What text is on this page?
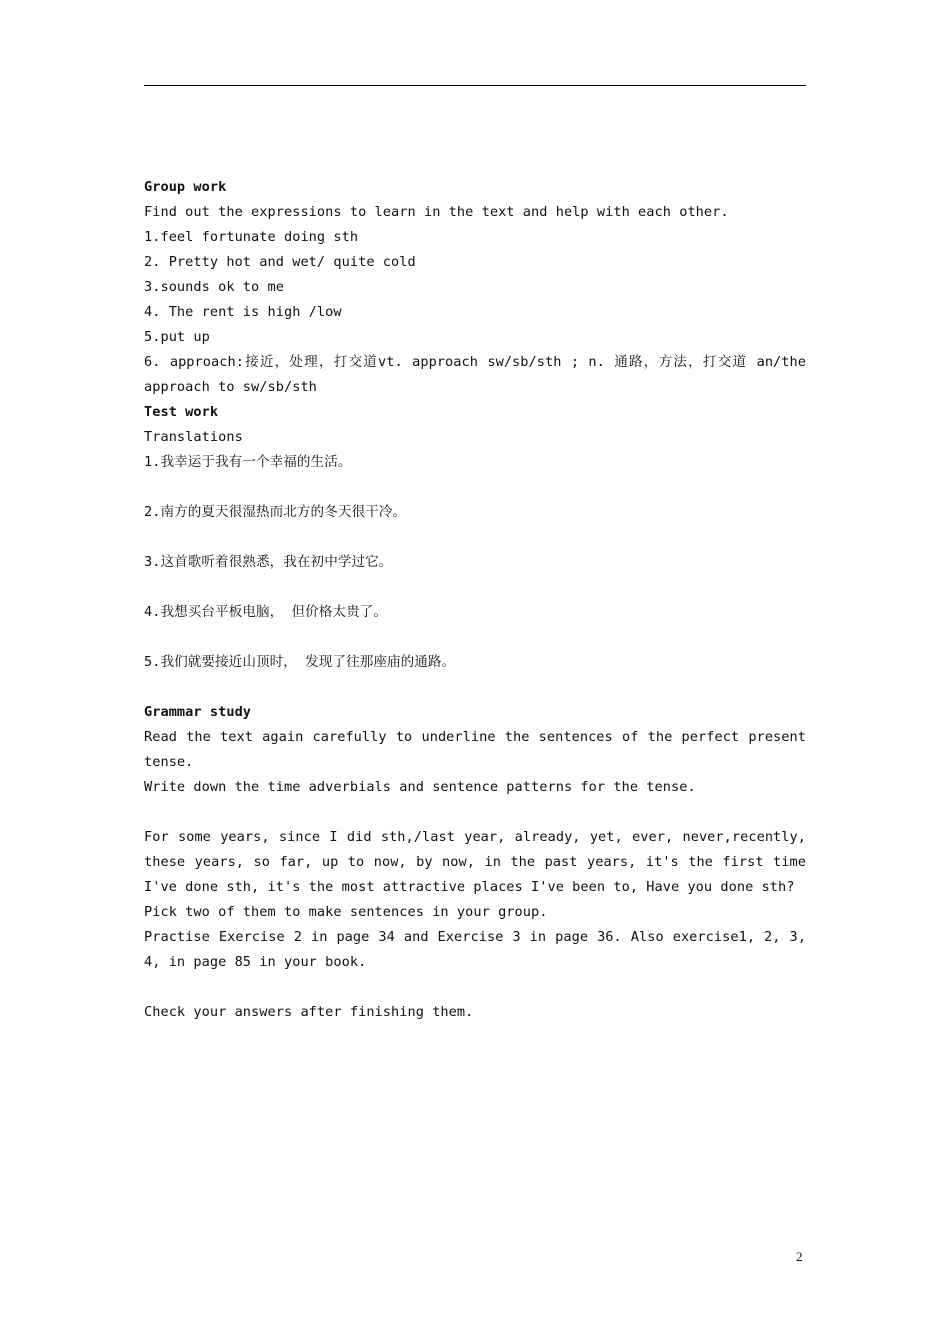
Group work
Find out the expressions to learn in the text and help with each other.
1.feel fortunate doing sth
2. Pretty hot and wet/ quite cold
3.sounds ok to me
4. The rent is high /low
5.put up
6. approach:接近，处理，打交道vt. approach sw/sb/sth ; n. 通路，方法，打交道 an/the approach to sw/sb/sth
Test work
Translations
1.我幸运于我有一个幸福的生活。
2.南方的夏天很湿热而北方的冬天很干冷。
3.这首歌听着很熟悉，我在初中学过它。
4.我想买台平板电脑， 但价格太贵了。
5.我们就要接近山顶时， 发现了往那座庙的通路。
Grammar study
Read the text again carefully to underline the sentences of the perfect present tense.
Write down the time adverbials and sentence patterns for the tense.
For some years, since I did sth,/last year, already, yet, ever, never,recently, these years, so far, up to now, by now, in the past years, it's the first time I've done sth, it's the most attractive places I've been to, Have you done sth?
Pick two of them to make sentences in your group.
Practise Exercise 2 in page 34 and Exercise 3 in page 36. Also exercise1, 2, 3, 4, in page 85 in your book.
Check your answers after finishing them.
2
